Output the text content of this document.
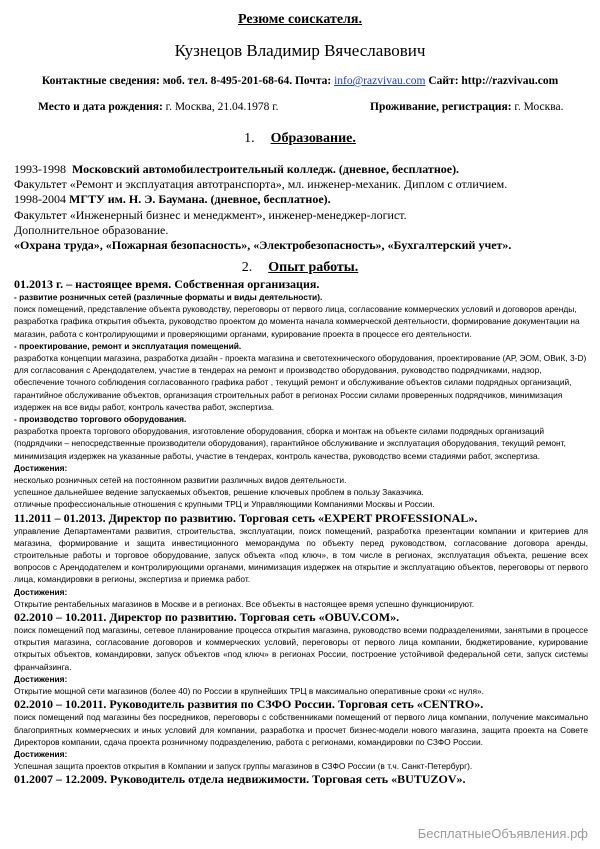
Резюме соискателя.
Кузнецов Владимир Вячеславович
Контактные сведения: моб. тел. 8-495-201-68-64. Почта: info@razvivau.com Сайт: http://razvivau.com
Место и дата рождения: г. Москва, 21.04.1978 г.	Проживание, регистрация: г. Москва.
1. Образование.
1993-1998 Московский автомобилестроительный колледж. (дневное, бесплатное).
Факультет «Ремонт и эксплуатация автотранспорта», мл. инженер-механик. Диплом с отличием.
1998-2004 МГТУ им. Н. Э. Баумана. (дневное, бесплатное).
Факультет «Инженерный бизнес и менеджмент», инженер-менеджер-логист.
Дополнительное образование.
«Охрана труда», «Пожарная безопасность», «Электробезопасность», «Бухгалтерский учет».
2. Опыт работы.
01.2013 г. – настоящее время. Собственная организация.
- развитие розничных сетей (различные форматы и виды деятельности).
поиск помещений, представление объекта руководству, переговоры от первого лица, согласование коммерческих условий и договоров аренды, разработка графика открытия объекта, руководство проектом до момента начала коммерческой деятельности, формирование документации на магазин, работа с контролирующими и проверяющими органами, курирование проекта в процессе его деятельности.
- проектирование, ремонт и эксплуатация помещений.
разработка концепции магазина, разработка дизайн - проекта магазина и светотехнического оборудования, проектирование (АР, ЭОМ, ОВиК, 3-D) для согласования с Арендодателем, участие в тендерах на ремонт и производство оборудования, руководство подрядчиками, надзор, обеспечение точного соблюдения согласованного графика работ , текущий ремонт и обслуживание объектов силами подрядных организаций, гарантийное обслуживание объектов, организация строительных работ в регионах России силами проверенных подрядчиков, минимизация издержек на все виды работ, контроль качества работ, экспертиза.
- производство торгового оборудования.
разработка проекта торгового оборудования, изготовление оборудования, сборка и монтаж на объекте силами подрядных организаций (подрядчики – непосредственные производители оборудования), гарантийное обслуживание и эксплуатация оборудования, текущий ремонт, минимизация издержек на указанные работы, участие в тендерах, контроль качества, руководство всеми стадиями работ, экспертиза.
Достижения:
несколько розничных сетей на постоянном развитии различных видов деятельности.
успешное дальнейшее ведение запускаемых объектов, решение ключевых проблем в пользу Заказчика.
отличные профессиональные отношения с крупными ТРЦ и Управляющими Компаниями Москвы и России.
11.2011 – 01.2013. Директор по развитию. Торговая сеть «EXPERT PROFESSIONAL».
управление Департаментами развития, строительства, эксплуатации, поиск помещений, разработка презентации компании и критериев для магазина, формирование и защита инвестиционного меморандума по объекту перед руководством, согласование договора аренды, строительные работы и торговое оборудование, запуск объекта «под ключ», в том числе в регионах, эксплуатация объекта, решение всех вопросов с Арендодателем и контролирующими органами, минимизация издержек на открытие и эксплуатацию объектов, переговоры от первого лица, командировки в регионы, экспертиза и приемка работ.
Достижения:
Открытие рентабельных магазинов в Москве и в регионах. Все объекты в настоящее время успешно функционируют.
02.2010 – 10.2011. Директор по развитию. Торговая сеть «OBUV.COM».
поиск помещений под магазины, сетевое планирование процесса открытия магазина, руководство всеми подразделениями, занятыми в процессе открытия магазина, согласование договоров и коммерческих условий, переговоры от первого лица компании, бюджетирование, курирование открытых объектов, командировки, запуск объектов «под ключ» в регионах России, построение устойчивой федеральной сети, запуск системы франчайзинга.
Достижения:
Открытие мощной сети магазинов (более 40) по России в крупнейших ТРЦ в максимально оперативные сроки «с нуля».
02.2010 – 10.2011. Руководитель развития по СЗФО России. Торговая сеть «CENTRO».
поиск помещений под магазины без посредников, переговоры с собственниками помещений от первого лица компании, получение максимально благоприятных коммерческих и иных условий для компании, разработка и просчет бизнес-модели нового магазина, защита проекта на Совете Директоров компании, сдача проекта розничному подразделению, работа с регионами, командировки по СЗФО России.
Достижения:
Успешная защита проектов открытия в Компании и запуск группы магазинов в СЗФО России (в т.ч. Санкт-Петербург).
01.2007 – 12.2009. Руководитель отдела недвижимости. Торговая сеть «BUTUZOV».
БесплатныеОбъявления.рф
